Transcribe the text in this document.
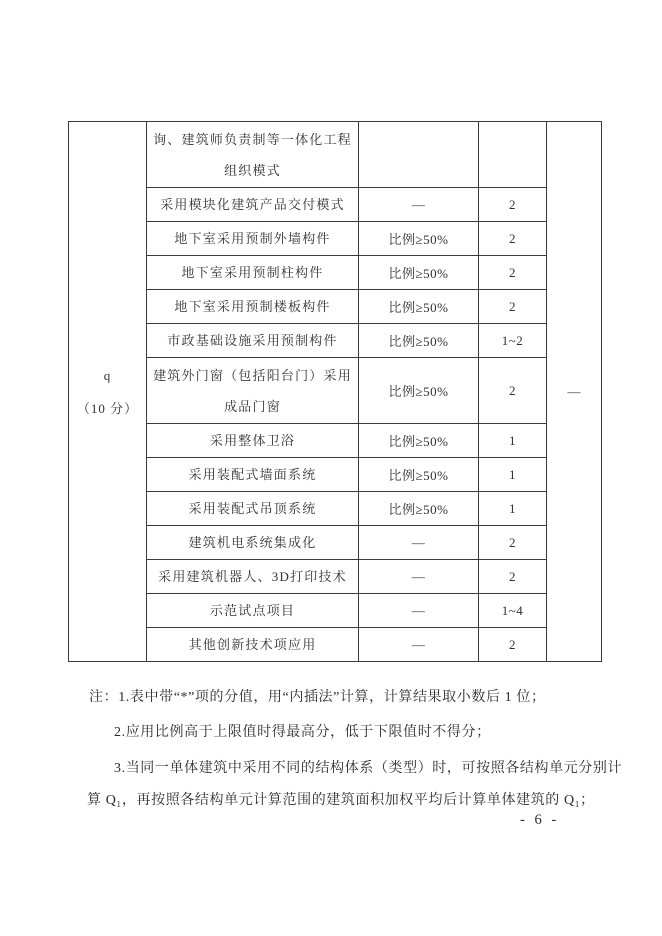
q
（10 分）	询、建筑师负责制等一体化工程组织模式			—
	采用模块化建筑产品交付模式	—	2	
	地下室采用预制外墙构件	比例≥50%	2	
	地下室采用预制柱构件	比例≥50%	2	
	地下室采用预制楼板构件	比例≥50%	2	
	市政基础设施采用预制构件	比例≥50%	1~2	
	建筑外门窗（包括阳台门）采用成品门窗	比例≥50%	2	
	采用整体卫浴	比例≥50%	1	
	采用装配式墙面系统	比例≥50%	1	
	采用装配式吊顶系统	比例≥50%	1	
	建筑机电系统集成化	—	2	
	采用建筑机器人、3D打印技术	—	2	
	示范试点项目	—	1~4	
	其他创新技术项应用	—	2	
注：1.表中带“*”项的分值，用“内插法”计算，计算结果取小数后 1 位；
2.应用比例高于上限值时得最高分，低于下限值时不得分；
3.当同一单体建筑中采用不同的结构体系（类型）时，可按照各结构单元分别计
算 Q₁，再按照各结构单元计算范围的建筑面积加权平均后计算单体建筑的 Q₁；
- 6 -
